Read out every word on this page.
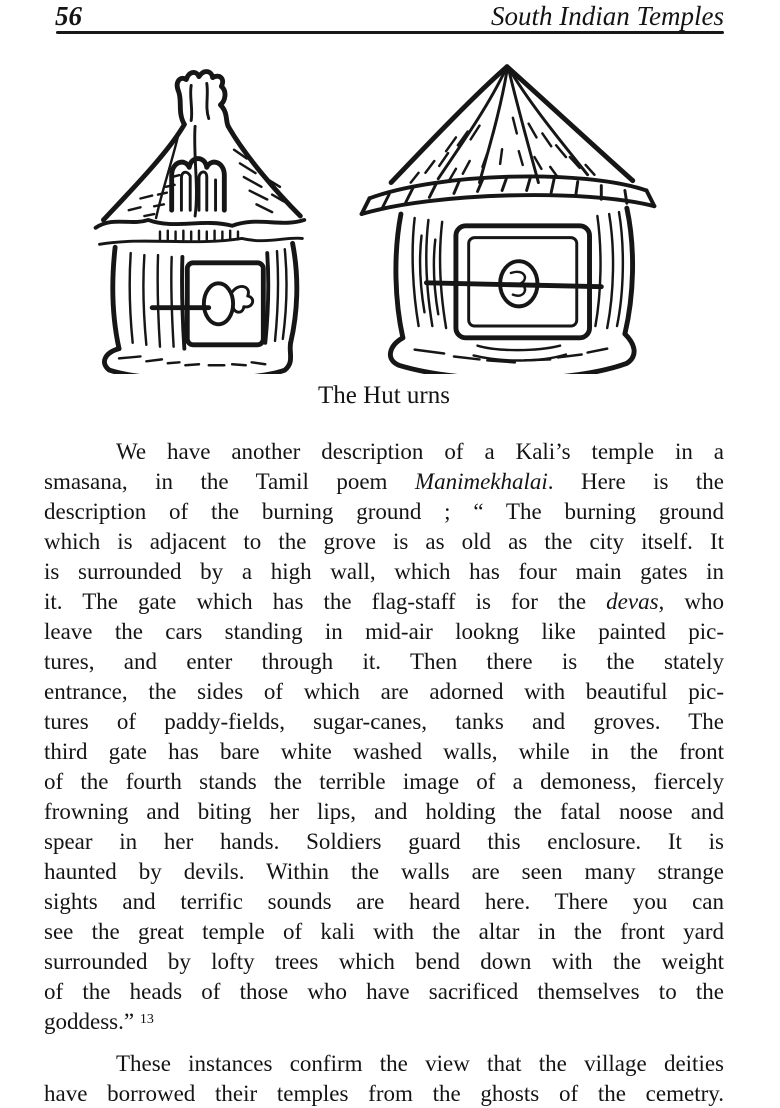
56	South Indian Temples
The Hut urns
We have another description of a Kali’s temple in a
smasana, in the Tamil poem Manimekhalai. Here is the
description of the burning ground ; “ The burning ground
which is adjacent to the grove is as old as the city itself. It
is surrounded by a high wall, which has four main gates in
it. The gate which has the flag-staff is for the devas, who
leave the cars standing in mid-air lookng like painted pic-
tures, and enter through it. Then there is the stately
entrance, the sides of which are adorned with beautiful pic-
tures of paddy-fields, sugar-canes, tanks and groves. The
third gate has bare white washed walls, while in the front
of the fourth stands the terrible image of a demoness, fiercely
frowning and biting her lips, and holding the fatal noose and
spear in her hands. Soldiers guard this enclosure. It is
haunted by devils. Within the walls are seen many strange
sights and terrific sounds are heard here. There you can
see the great temple of kali with the altar in the front yard
surrounded by lofty trees which bend down with the weight
of the heads of those who have sacrificed themselves to the
goddess.” $^{13}$
These instances confirm the view that the village deities
have borrowed their temples from the ghosts of the cemetry.
